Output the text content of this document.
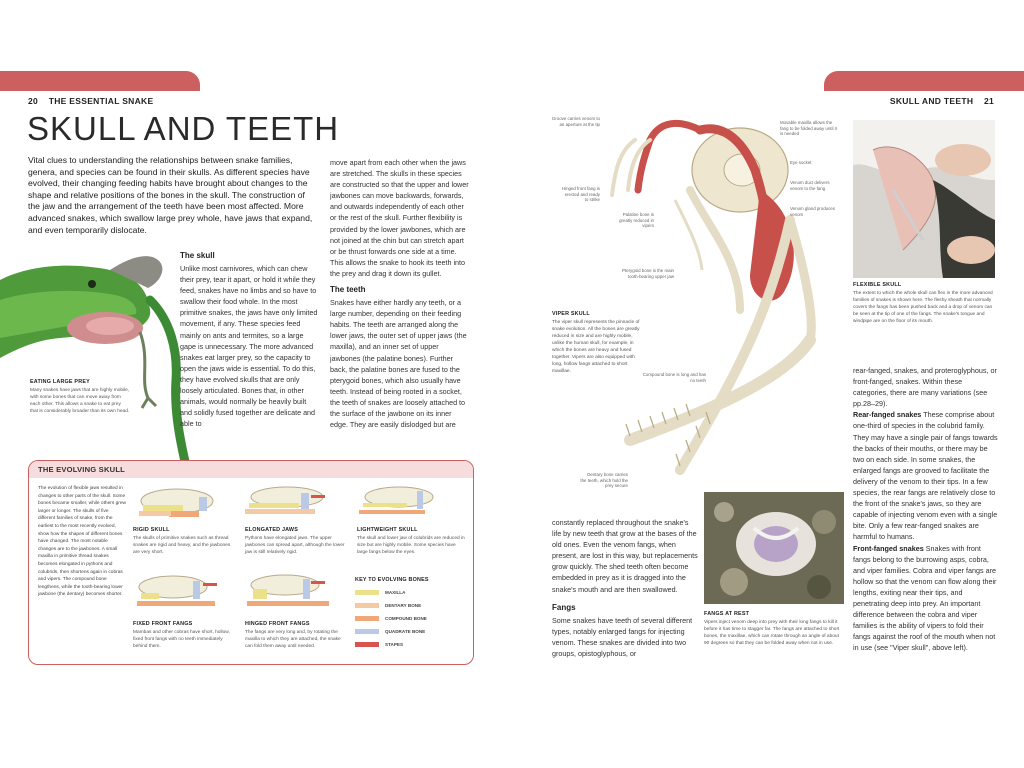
20 THE ESSENTIAL SNAKE	SKULL AND TEETH 21
SKULL AND TEETH

Vital clues to understanding the relationships between snake families, genera, and species can be found in their skulls. As different species have evolved, their changing feeding habits have brought about changes to the shape and relative positions of the bones in the skull. The construction of the jaw and the arrangement of the teeth have been most affected. More advanced snakes, which swallow large prey whole, have jaws that expand, and even temporarily dislocate.

EATING LARGE PREY

Many snakes have jaws that are highly mobile, with some bones that can move away from each other. This allows a snake to eat prey that is considerably broader than its own head.

The skull

Unlike most carnivores, which can chew their prey, tear it apart, or hold it while they feed, snakes have no limbs and so have to swallow their food whole. In the most primitive snakes, the jaws have only limited movement, if any. These species feed mainly on ants and termites, so a large gape is unnecessary. The more advanced snakes eat larger prey, so the capacity to open the jaws wide is essential. To do this, they have evolved skulls that are only loosely articulated. Bones that, in other animals, would normally be heavily built and solidly fused together are delicate and able to

move apart from each other when the jaws are stretched. The skulls in these species are constructed so that the upper and lower jawbones can move backwards, forwards, and outwards independently of each other or the rest of the skull. Further flexibility is provided by the lower jawbones, which are not joined at the chin but can stretch apart or be thrust forwards one side at a time. This allows the snake to hook its teeth into the prey and drag it down its gullet.

The teeth

Snakes have either hardly any teeth, or a large number, depending on their feeding habits. The teeth are arranged along the lower jaws, the outer set of upper jaws (the maxilla), and an inner set of upper jawbones (the palatine bones). Further back, the palatine bones are fused to the pterygoid bones, which also usually have teeth. Instead of being rooted in a socket, the teeth of snakes are loosely attached to the surface of the jawbone on its inner edge. They are easily dislodged but are

THE EVOLVING SKULL

The evolution of flexible jaws resulted in changes to other parts of the skull. Some bones became smaller, while others grew larger or longer. The skulls of five different families of snake, from the earliest to the most recently evolved, show how the shapes of different bones have changed. The most notable changes are to the jawbones. A small maxilla in primitive thread snakes becomes elongated in pythons and colubrids, then shortens again in cobras and vipers. The compound bone lengthens, while the tooth-bearing lower jawbone (the dentary) becomes shorter.

RIGID SKULL

The skulls of primitive snakes such as thread snakes are rigid and heavy, and the jawbones are very short.

ELONGATED JAWS

Pythons have elongated jaws. The upper jawbones can spread apart, although the lower jaw is still relatively rigid.

LIGHTWEIGHT SKULL

The skull and lower jaw of colubrids are reduced in size but are highly mobile. Some species have large fangs below the eyes.

FIXED FRONT FANGS

Mambas and other cobras have short, hollow, fixed front fangs with no teeth immediately behind them.

HINGED FRONT FANGS

The fangs are very long and, by rotating the maxilla to which they are attached, the snake can fold them away until needed.

KEY TO EVOLVING BONES

MAXILLA
DENTARY BONE
COMPOUND BONE
QUADRATE BONE
STAPES
Groove carries venom to an aperture at the tip
Hinged front fang is erected and ready to strike
Palatine bone is greatly reduced in vipers
Pterygoid bone is the main tooth-bearing upper jaw
Compound bone is long and has no teeth
Dentary bone carries the teeth, which hold the prey secure
Movable maxilla allows the fang to be folded away until it is needed
Eye socket
Venom duct delivers venom to the fang
Venom gland produces venom

VIPER SKULL

The viper skull represents the pinnacle of snake evolution. All the bones are greatly reduced in size and are highly mobile, unlike the human skull, for example, in which the bones are heavy and fused together. Vipers are also equipped with long, hollow fangs attached to short maxillae.

FLEXIBLE SKULL

The extent to which the whole skull can flex in the more advanced families of snakes is shown here. The fleshy sheath that normally covers the fangs has been pushed back and a drop of venom can be seen at the tip of one of the fangs. The snake's tongue and windpipe are on the floor of its mouth.

constantly replaced throughout the snake's life by new teeth that grow at the bases of the old ones. Even the venom fangs, when present, are lost in this way, but replacements grow quickly. The shed teeth often become embedded in prey as it is dragged into the snake's mouth and are then swallowed.

Fangs

Some snakes have teeth of several different types, notably enlarged fangs for injecting venom. These snakes are divided into two groups, opistoglyphous, or

FANGS AT REST

Vipers inject venom deep into prey with their long fangs to kill it before it has time to stagger far. The fangs are attached to short bones, the maxillae, which can rotate through an angle of about 90 degrees so that they can be folded away when not in use.

rear-fanged, snakes, and proteroglyphous, or front-fanged, snakes. Within these categories, there are many variations (see pp.28–29).

Rear-fanged snakes These comprise about one-third of species in the colubrid family. They may have a single pair of fangs towards the backs of their mouths, or there may be two on each side. In some snakes, the enlarged fangs are grooved to facilitate the delivery of the venom to their tips. In a few species, the rear fangs are relatively close to the front of the snake's jaws, so they are capable of injecting venom even with a single bite. Only a few rear-fanged snakes are harmful to humans.

Front-fanged snakes Snakes with front fangs belong to the burrowing asps, cobra, and viper families. Cobra and viper fangs are hollow so that the venom can flow along their lengths, exiting near their tips, and penetrating deep into prey. An important difference between the cobra and viper families is the ability of vipers to fold their fangs against the roof of the mouth when not in use (see "Viper skull", above left).
